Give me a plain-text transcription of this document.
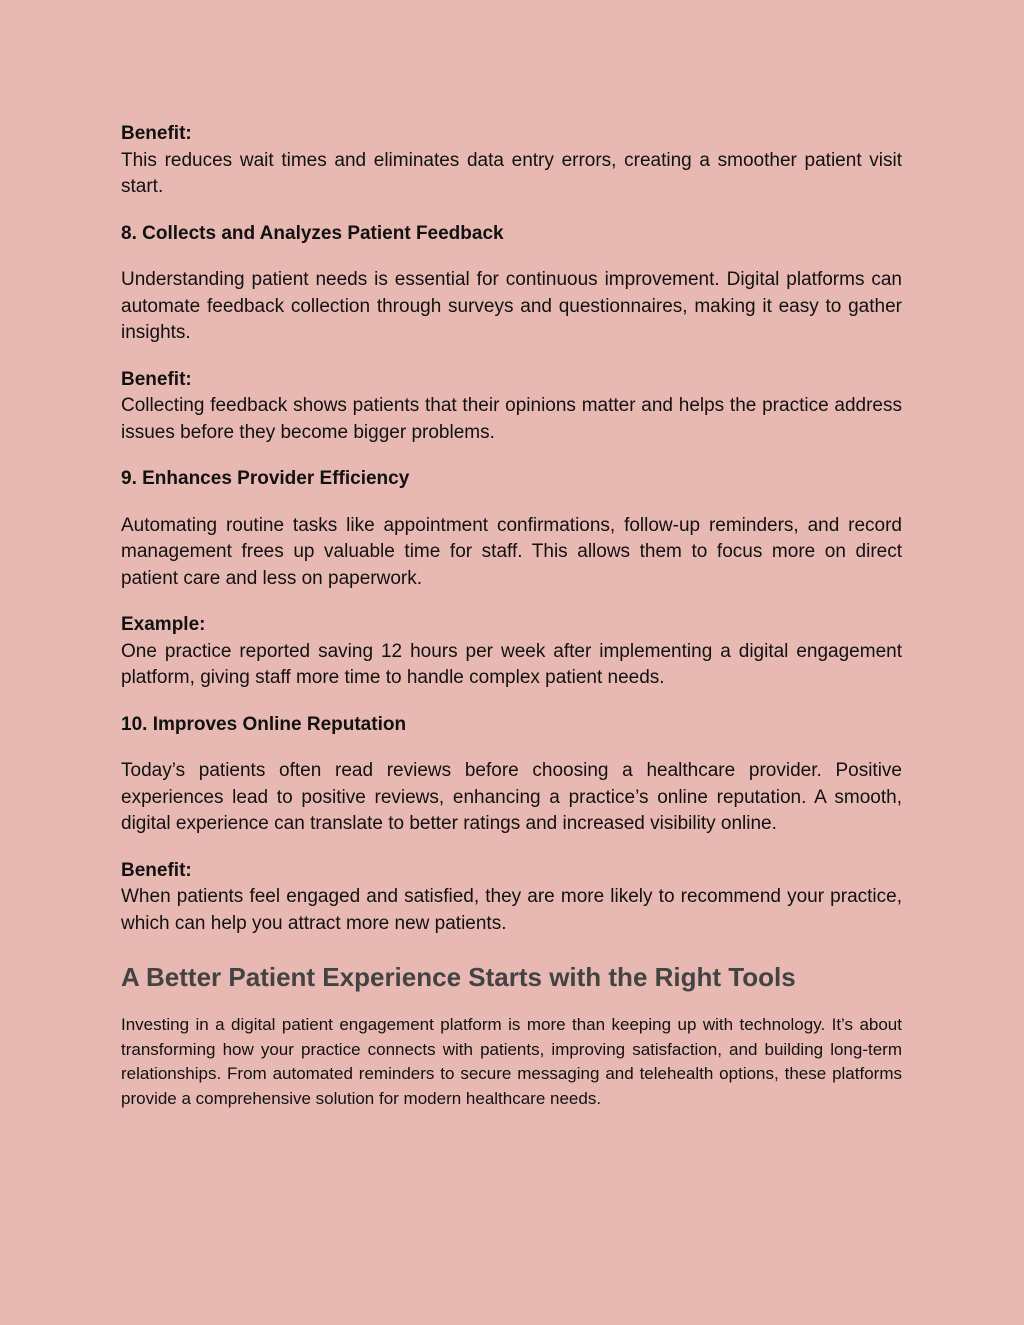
Benefit:

This reduces wait times and eliminates data entry errors, creating a smoother patient visit start.

8. Collects and Analyzes Patient Feedback

Understanding patient needs is essential for continuous improvement. Digital platforms can automate feedback collection through surveys and questionnaires, making it easy to gather insights.

Benefit:

Collecting feedback shows patients that their opinions matter and helps the practice address issues before they become bigger problems.

9. Enhances Provider Efficiency

Automating routine tasks like appointment confirmations, follow-up reminders, and record management frees up valuable time for staff. This allows them to focus more on direct patient care and less on paperwork.

Example:

One practice reported saving 12 hours per week after implementing a digital engagement platform, giving staff more time to handle complex patient needs.

10. Improves Online Reputation

Today’s patients often read reviews before choosing a healthcare provider. Positive experiences lead to positive reviews, enhancing a practice’s online reputation. A smooth, digital experience can translate to better ratings and increased visibility online.

Benefit:

When patients feel engaged and satisfied, they are more likely to recommend your practice, which can help you attract more new patients.

A Better Patient Experience Starts with the Right Tools

Investing in a digital patient engagement platform is more than keeping up with technology. It’s about transforming how your practice connects with patients, improving satisfaction, and building long-term relationships. From automated reminders to secure messaging and telehealth options, these platforms provide a comprehensive solution for modern healthcare needs.
